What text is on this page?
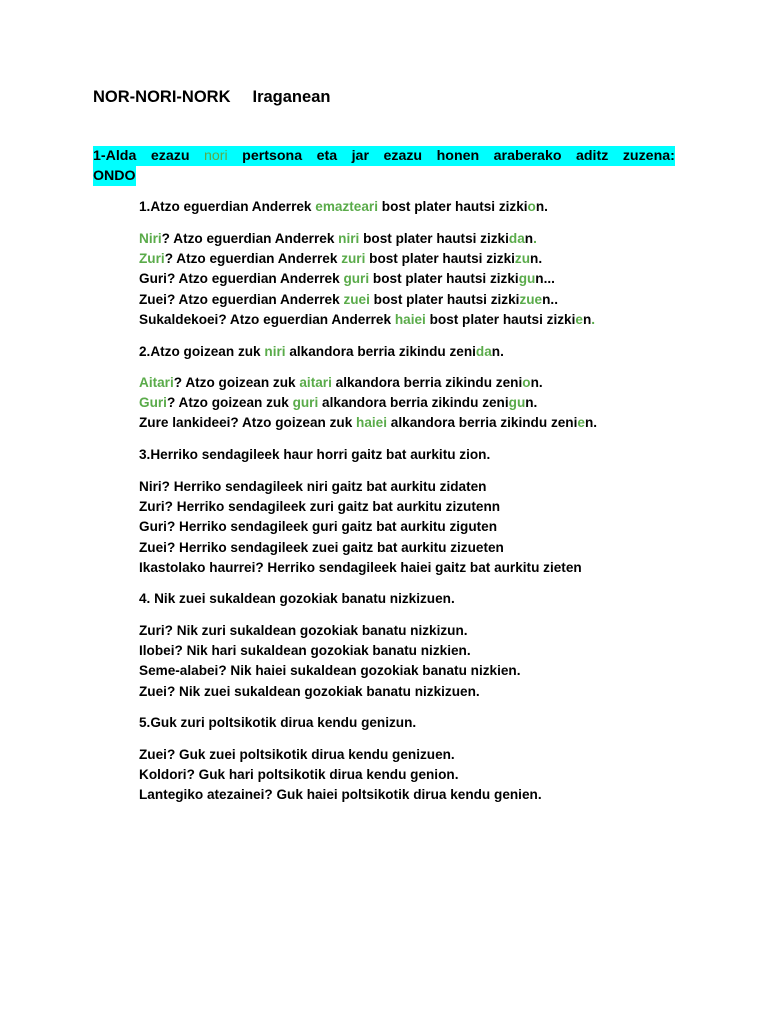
NOR-NORI-NORK Iraganean
1-Alda ezazu nori pertsona eta jar ezazu honen araberako aditz zuzena:
ONDO
1.Atzo eguerdian Anderrek emazteari bost plater hautsi zizkion.
Niri? Atzo eguerdian Anderrek niri bost plater hautsi zizkidan.
Zuri? Atzo eguerdian Anderrek zuri bost plater hautsi zizkizun.
Guri? Atzo eguerdian Anderrek guri bost plater hautsi zizkigun...
Zuei? Atzo eguerdian Anderrek zuei bost plater hautsi zizkizuen..
Sukaldekoei? Atzo eguerdian Anderrek haiei bost plater hautsi zizkien.
2.Atzo goizean zuk niri alkandora berria zikindu zenidan.
Aitari? Atzo goizean zuk aitari alkandora berria zikindu zenion.
Guri? Atzo goizean zuk guri alkandora berria zikindu zenigun.
Zure lankideei? Atzo goizean zuk haiei alkandora berria zikindu zenien.
3.Herriko sendagileek haur horri gaitz bat aurkitu zion.
Niri? Herriko sendagileek niri gaitz bat aurkitu zidaten
Zuri? Herriko sendagileek zuri gaitz bat aurkitu zizutenn
Guri? Herriko sendagileek guri gaitz bat aurkitu ziguten
Zuei? Herriko sendagileek zuei gaitz bat aurkitu zizueten
Ikastolako haurrei? Herriko sendagileek haiei gaitz bat aurkitu zieten
4. Nik zuei sukaldean gozokiak banatu nizkizuen.
Zuri? Nik zuri sukaldean gozokiak banatu nizkizun.
Ilobei? Nik hari sukaldean gozokiak banatu nizkien.
Seme-alabei? Nik haiei sukaldean gozokiak banatu nizkien.
Zuei? Nik zuei sukaldean gozokiak banatu nizkizuen.
5.Guk zuri poltsikotik dirua kendu genizun.
Zuei? Guk zuei poltsikotik dirua kendu genizuen.
Koldori? Guk hari poltsikotik dirua kendu genion.
Lantegiko atezainei? Guk haiei poltsikotik dirua kendu genien.
